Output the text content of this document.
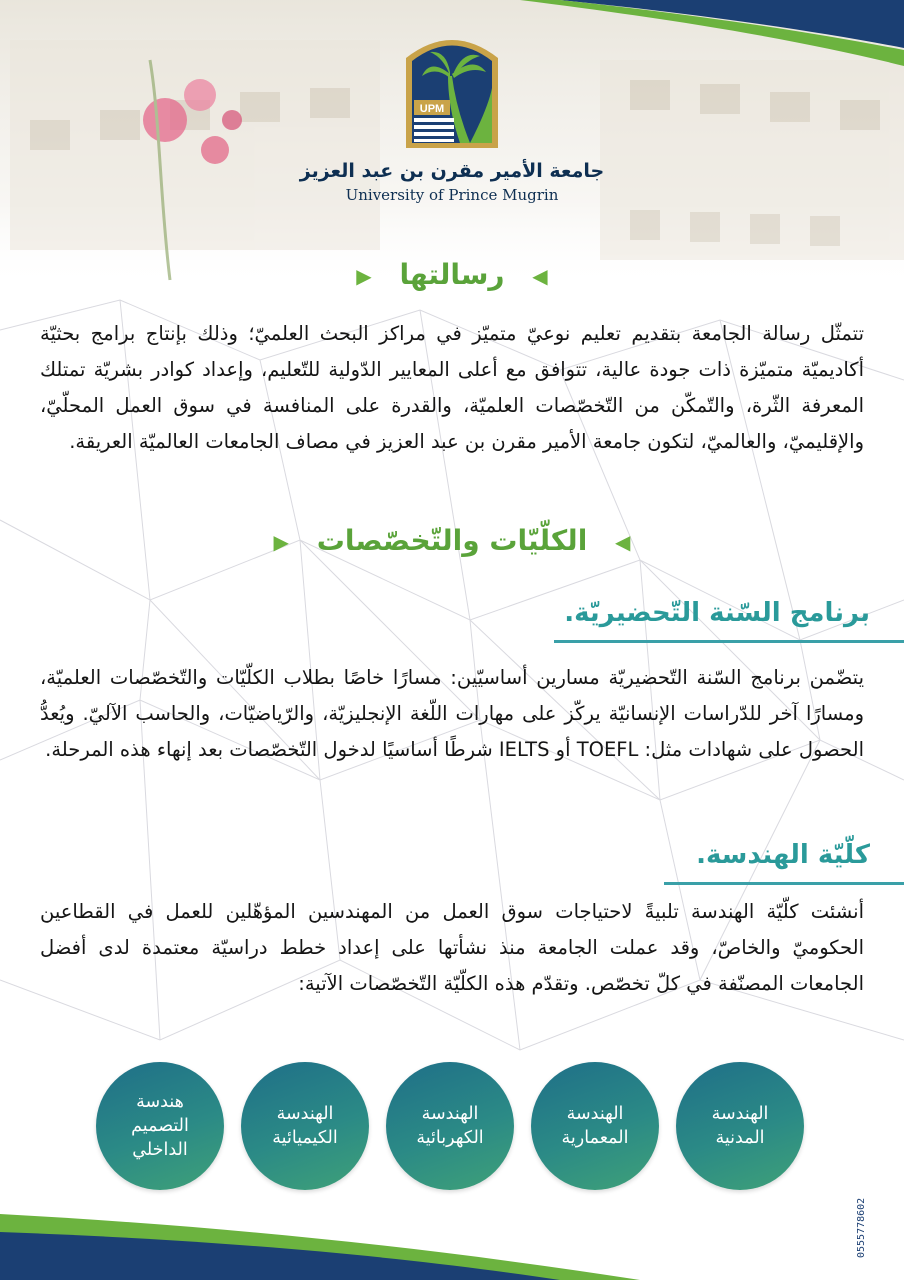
UPM
جامعة الأمير مقرن بن عبد العزيز
University of Prince Mugrin
◀ رسالتها ▶
تتمثّل رسالة الجامعة بتقديم تعليم نوعيّ متميّز في مراكز البحث العلميّ؛ وذلك بإنتاج برامج بحثيّة أكاديميّة متميّزة ذات جودة عالية، تتوافق مع أعلى المعايير الدّولية للتّعليم، وإعداد كوادر بشريّة تمتلك المعرفة الثّرة، والتّمكّن من التّخصّصات العلميّة، والقدرة على المنافسة في سوق العمل المحلّيّ، والإقليميّ، والعالميّ، لتكون جامعة الأمير مقرن بن عبد العزيز في مصاف الجامعات العالميّة العريقة.
◀ الكلّيّات والتّخصّصات ▶
برنامج السّنة التّحضيريّة.
يتضّمن برنامج السّنة التّحضيريّة مسارين أساسيّين: مسارًا خاصًا بطلاب الكلّيّات والتّخصّصات العلميّة، ومسارًا آخر للدّراسات الإنسانيّة يركّز على مهارات اللّغة الإنجليزيّة، والرّياضيّات، والحاسب الآليّ. ويُعدُّ الحصول على شهادات مثل: TOEFL أو IELTS شرطًا أساسيًا لدخول التّخصّصات بعد إنهاء هذه المرحلة.
كلّيّة الهندسة.
أنشئت كلّيّة الهندسة تلبيةً لاحتياجات سوق العمل من المهندسين المؤهّلين للعمل في القطاعين الحكوميّ والخاصّ، وقد عملت الجامعة منذ نشأتها على إعداد خطط دراسيّة معتمدة لدى أفضل الجامعات المصنّفة في كلّ تخصّص. وتقدّم هذه الكلّيّة التّخصّصات الآتية:
الهندسة
المدنية
الهندسة
المعمارية
الهندسة
الكهربائية
الهندسة
الكيميائية
هندسة
التصميم
الداخلي
0555778602
